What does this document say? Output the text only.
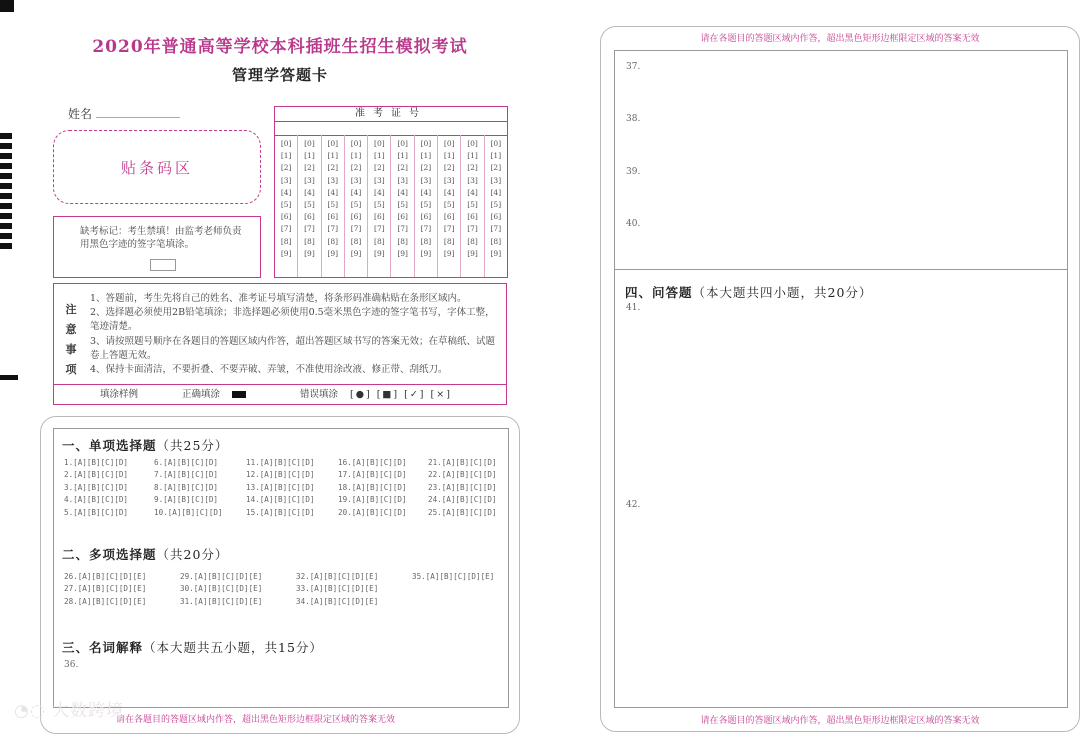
2020年普通高等学校本科插班生招生模拟考试
管理学答题卡
姓名
贴条码区
缺考标记：考生禁填！由监考老师负责用黑色字迹的签字笔填涂。
准考证号
[0]
[1]
[2]
[3]
[4]
[5]
[6]
[7]
[8]
[9]
[0]
[1]
[2]
[3]
[4]
[5]
[6]
[7]
[8]
[9]
[0]
[1]
[2]
[3]
[4]
[5]
[6]
[7]
[8]
[9]
[0]
[1]
[2]
[3]
[4]
[5]
[6]
[7]
[8]
[9]
[0]
[1]
[2]
[3]
[4]
[5]
[6]
[7]
[8]
[9]
[0]
[1]
[2]
[3]
[4]
[5]
[6]
[7]
[8]
[9]
[0]
[1]
[2]
[3]
[4]
[5]
[6]
[7]
[8]
[9]
[0]
[1]
[2]
[3]
[4]
[5]
[6]
[7]
[8]
[9]
[0]
[1]
[2]
[3]
[4]
[5]
[6]
[7]
[8]
[9]
[0]
[1]
[2]
[3]
[4]
[5]
[6]
[7]
[8]
[9]
注
意
事
项
1、答题前，考生先将自己的姓名、准考证号填写清楚，将条形码准确粘贴在条形区域内。
2、选择题必须使用2B铅笔填涂；非选择题必须使用0.5毫米黑色字迹的签字笔书写，字体工整，笔迹清楚。
3、请按照题号顺序在各题目的答题区域内作答，超出答题区域书写的答案无效；在草稿纸、试题卷上答题无效。
4、保持卡面清洁，不要折叠、不要弄破、弄皱，不准使用涂改液、修正带、刮纸刀。
填涂样例	正确填涂	错误填涂 [●] [■] [✓] [×]
一、单项选择题（共25分）
1.[A][B][C][D]
2.[A][B][C][D]
3.[A][B][C][D]
4.[A][B][C][D]
5.[A][B][C][D]
6.[A][B][C][D]
7.[A][B][C][D]
8.[A][B][C][D]
9.[A][B][C][D]
10.[A][B][C][D]
11.[A][B][C][D]
12.[A][B][C][D]
13.[A][B][C][D]
14.[A][B][C][D]
15.[A][B][C][D]
16.[A][B][C][D]
17.[A][B][C][D]
18.[A][B][C][D]
19.[A][B][C][D]
20.[A][B][C][D]
21.[A][B][C][D]
22.[A][B][C][D]
23.[A][B][C][D]
24.[A][B][C][D]
25.[A][B][C][D]
二、多项选择题（共20分）
26.[A][B][C][D][E]
27.[A][B][C][D][E]
28.[A][B][C][D][E]
29.[A][B][C][D][E]
30.[A][B][C][D][E]
31.[A][B][C][D][E]
32.[A][B][C][D][E]
33.[A][B][C][D][E]
34.[A][B][C][D][E]
35.[A][B][C][D][E]
三、名词解释（本大题共五小题，共15分）
36.
请在各题目的答题区域内作答，超出黑色矩形边框限定区域的答案无效
◔◌ 大数跨境
请在各题目的答题区域内作答，超出黑色矩形边框限定区域的答案无效
37.
38.
39.
40.
四、问答题（本大题共四小题，共20分）
41.
42.
请在各题目的答题区域内作答，超出黑色矩形边框限定区域的答案无效
